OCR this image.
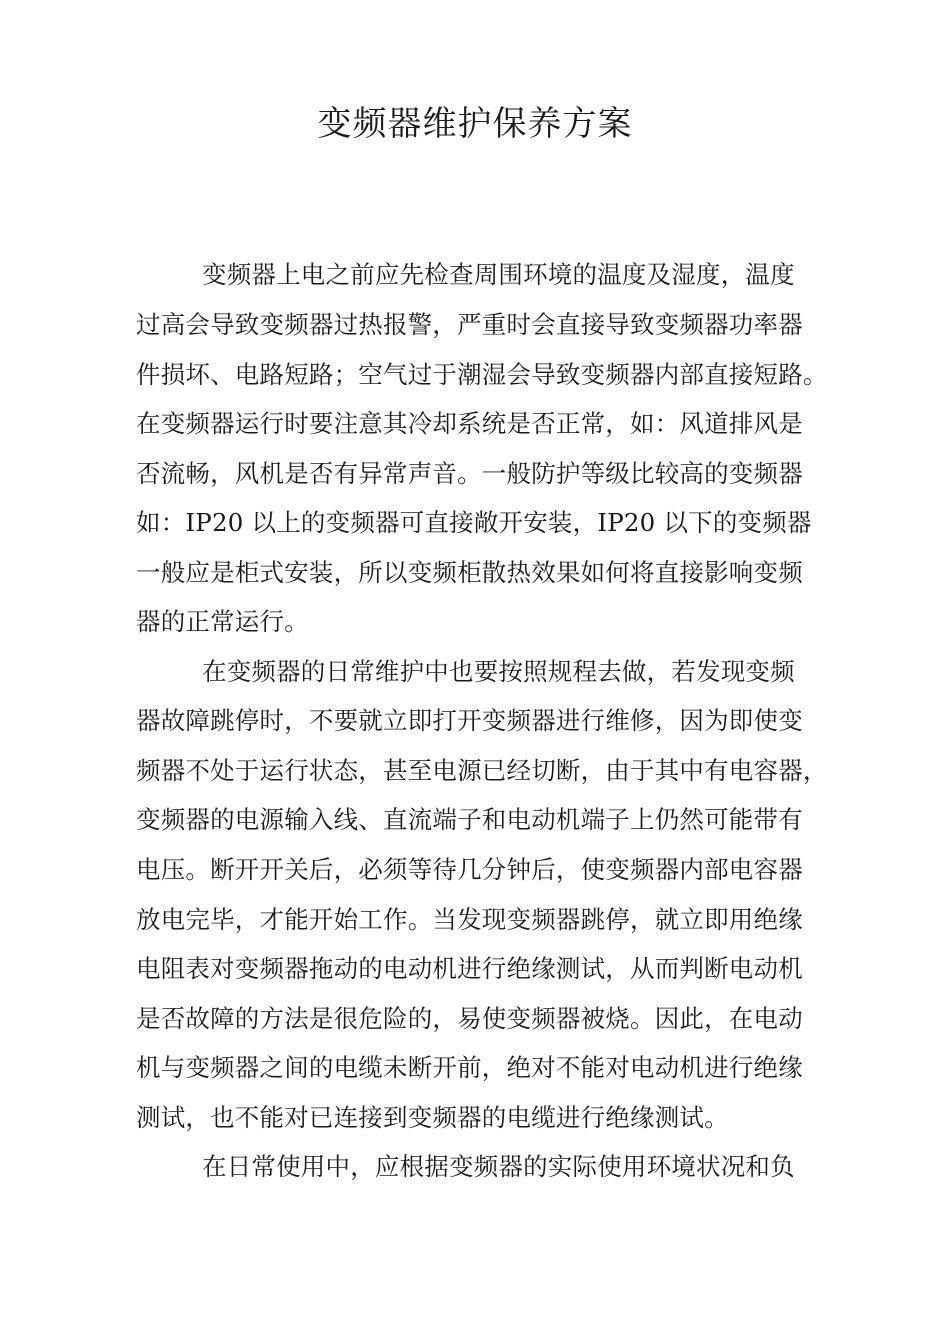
变频器维护保养方案
变频器上电之前应先检查周围环境的温度及湿度，温度
过高会导致变频器过热报警，严重时会直接导致变频器功率器
件损坏、电路短路；空气过于潮湿会导致变频器内部直接短路。
在变频器运行时要注意其冷却系统是否正常，如：风道排风是
否流畅，风机是否有异常声音。一般防护等级比较高的变频器
如：IP20 以上的变频器可直接敞开安装，IP20 以下的变频器
一般应是柜式安装，所以变频柜散热效果如何将直接影响变频
器的正常运行。
在变频器的日常维护中也要按照规程去做，若发现变频
器故障跳停时，不要就立即打开变频器进行维修，因为即使变
频器不处于运行状态，甚至电源已经切断，由于其中有电容器，
变频器的电源输入线、直流端子和电动机端子上仍然可能带有
电压。断开开关后，必须等待几分钟后，使变频器内部电容器
放电完毕，才能开始工作。当发现变频器跳停，就立即用绝缘
电阻表对变频器拖动的电动机进行绝缘测试，从而判断电动机
是否故障的方法是很危险的，易使变频器被烧。因此，在电动
机与变频器之间的电缆未断开前，绝对不能对电动机进行绝缘
测试，也不能对已连接到变频器的电缆进行绝缘测试。
在日常使用中，应根据变频器的实际使用环境状况和负
